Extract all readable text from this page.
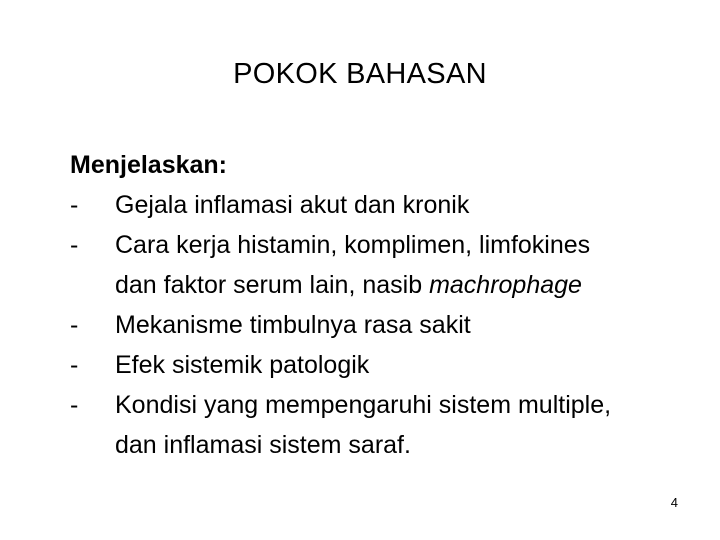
POKOK BAHASAN
Menjelaskan:
-	Gejala inflamasi akut dan kronik
-	Cara kerja histamin, komplimen, limfokines
dan faktor serum lain, nasib machrophage
-	Mekanisme timbulnya rasa sakit
-	Efek sistemik patologik
-	Kondisi yang mempengaruhi sistem multiple,
dan inflamasi sistem saraf.
4
